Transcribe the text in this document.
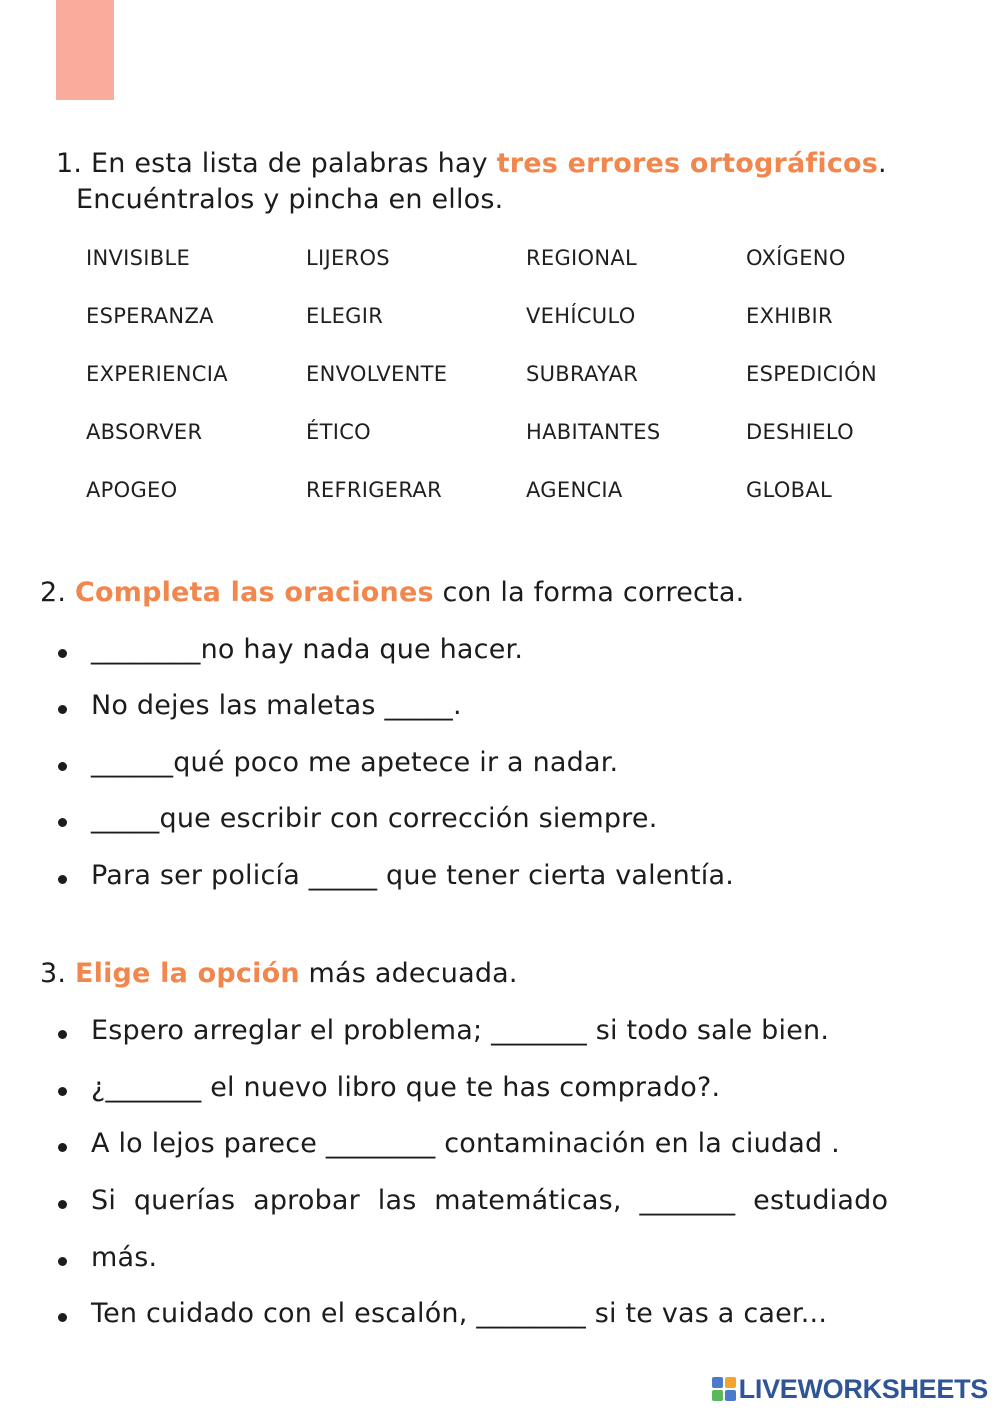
1. En esta lista de palabras hay tres errores ortográficos.
Encuéntralos y pincha en ellos.
INVISIBLE	LIJEROS	REGIONAL	OXÍGENO
ESPERANZA	ELEGIR	VEHÍCULO	EXHIBIR
EXPERIENCIA	ENVOLVENTE	SUBRAYAR	ESPEDICIÓN
ABSORVER	ÉTICO	HABITANTES	DESHIELO
APOGEO	REFRIGERAR	AGENCIA	GLOBAL
2. Completa las oraciones con la forma correcta.
________no hay nada que hacer.
No dejes las maletas _____.
______qué poco me apetece ir a nadar.
_____que escribir con corrección siempre.
Para ser policía _____ que tener cierta valentía.
3. Elige la opción más adecuada.
Espero arreglar el problema; _______ si todo sale bien.
¿_______ el nuevo libro que te has comprado?.
A lo lejos parece ________ contaminación en la ciudad .
Si querías aprobar las matemáticas, _______ estudiado
más.
Ten cuidado con el escalón, ________ si te vas a caer...
LIVEWORKSHEETS
